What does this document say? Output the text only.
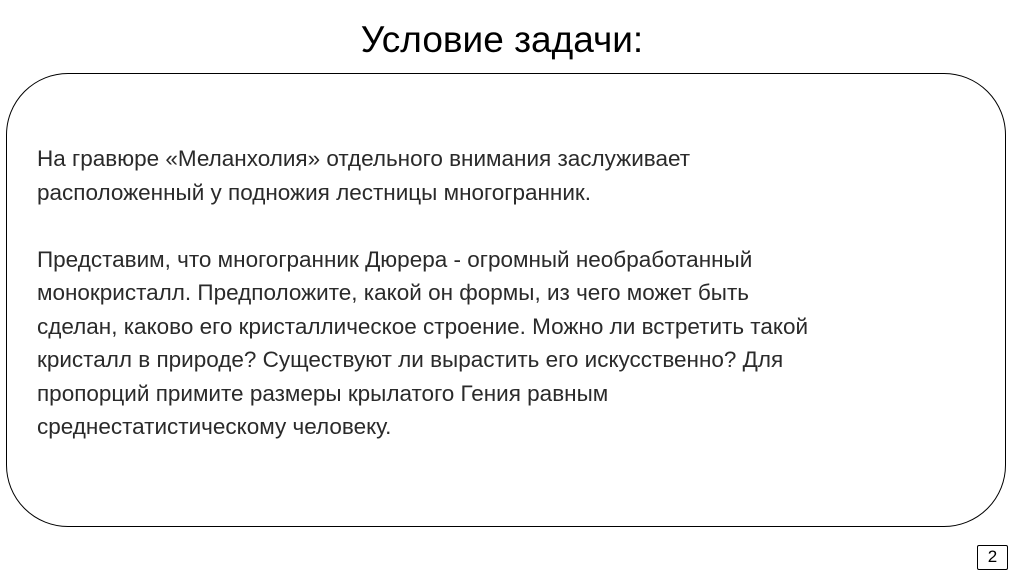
Условие задачи:

На гравюре «Меланхолия» отдельного внимания заслуживает
расположенный у подножия лестницы многогранник.

Представим, что многогранник Дюрера - огромный необработанный
монокристалл. Предположите, какой он формы, из чего может быть
сделан, каково его кристаллическое строение. Можно ли встретить такой
кристалл в природе? Существуют ли вырастить его искусственно? Для
пропорций примите размеры крылатого Гения равным
среднестатистическому человеку.

2
